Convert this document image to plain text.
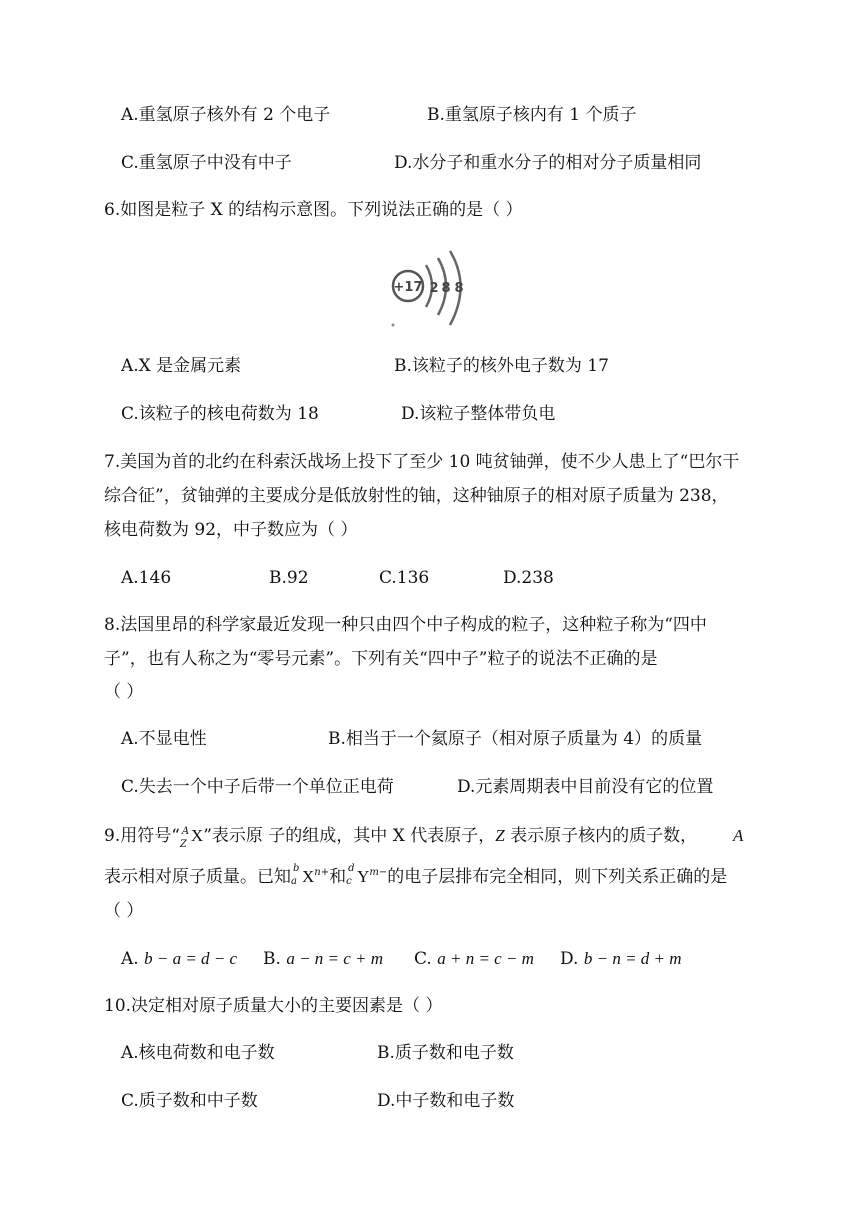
A.重氢原子核外有 2 个电子	B.重氢原子核内有 1 个质子
C.重氢原子中没有中子	D.水分子和重水分子的相对分子质量相同
6.如图是粒子 X 的结构示意图。下列说法正确的是（ ）
+17 2 8 8
A.X 是金属元素	B.该粒子的核外电子数为 17
C.该粒子的核电荷数为 18	D.该粒子整体带负电
7.美国为首的北约在科索沃战场上投下了至少 10 吨贫铀弹，使不少人患上了“巴尔干
综合征”，贫铀弹的主要成分是低放射性的铀，这种铀原子的相对原子质量为 238，
核电荷数为 92，中子数应为（ ）
A.146	B.92	C.136	D.238
8.法国里昂的科学家最近发现一种只由四个中子构成的粒子，这种粒子称为“四中
子”，也有人称之为“零号元素”。下列有关“四中子”粒子的说法不正确的是
（ ）
A.不显电性	B.相当于一个氦原子（相对原子质量为 4）的质量
C.失去一个中子后带一个单位正电荷	D.元素周期表中目前没有它的位置
9.用符号“ A
Z X”表示原 子的组成，其中 X 代表原子，Z 表示原子核内的质子数， A
表示相对原子质量。已知 b
a $X^{n+}$和 d
c $Y^{m-}$的电子层排布完全相同，则下列关系正确的是
（ ）
A. b − a = d − c B. a − n = c + m C. a + n = c − m D. b − n = d + m
10.决定相对原子质量大小的主要因素是（ ）
A.核电荷数和电子数	B.质子数和电子数
C.质子数和中子数	D.中子数和电子数
